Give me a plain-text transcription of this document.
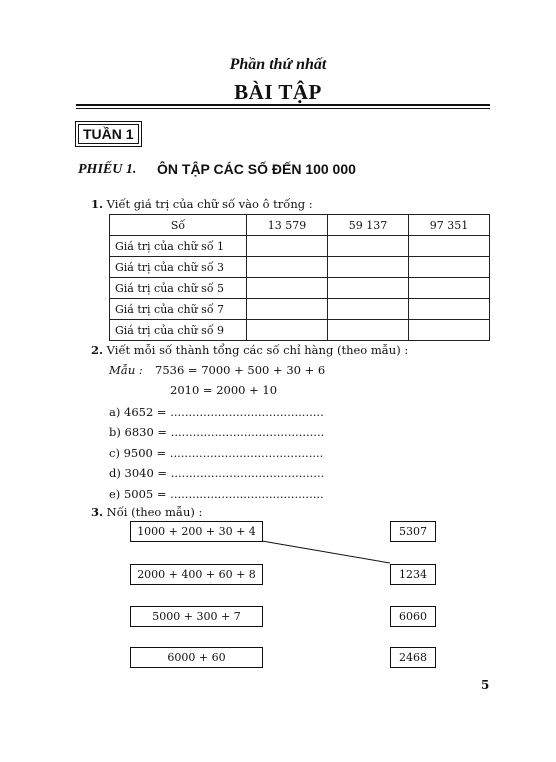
Phần thứ nhất
BÀI TẬP
TUẦN 1
PHIẾU 1. ÔN TẬP CÁC SỐ ĐẾN 100 000
1. Viết giá trị của chữ số vào ô trống :
Số	13 579	59 137	97 351
Giá trị của chữ số 1			
Giá trị của chữ số 3			
Giá trị của chữ số 5			
Giá trị của chữ số 7			
Giá trị của chữ số 9			
2. Viết mỗi số thành tổng các số chỉ hàng (theo mẫu) :
Mẫu : 7536 = 7000 + 500 + 30 + 6
2010 = 2000 + 10
a) 4652 = ..........................................
b) 6830 = ..........................................
c) 9500 = ..........................................
d) 3040 = ..........................................
e) 5005 = ..........................................
3. Nối (theo mẫu) :
1000 + 200 + 30 + 4
2000 + 400 + 60 + 8
5000 + 300 + 7
6000 + 60
5307
1234
6060
2468
5
